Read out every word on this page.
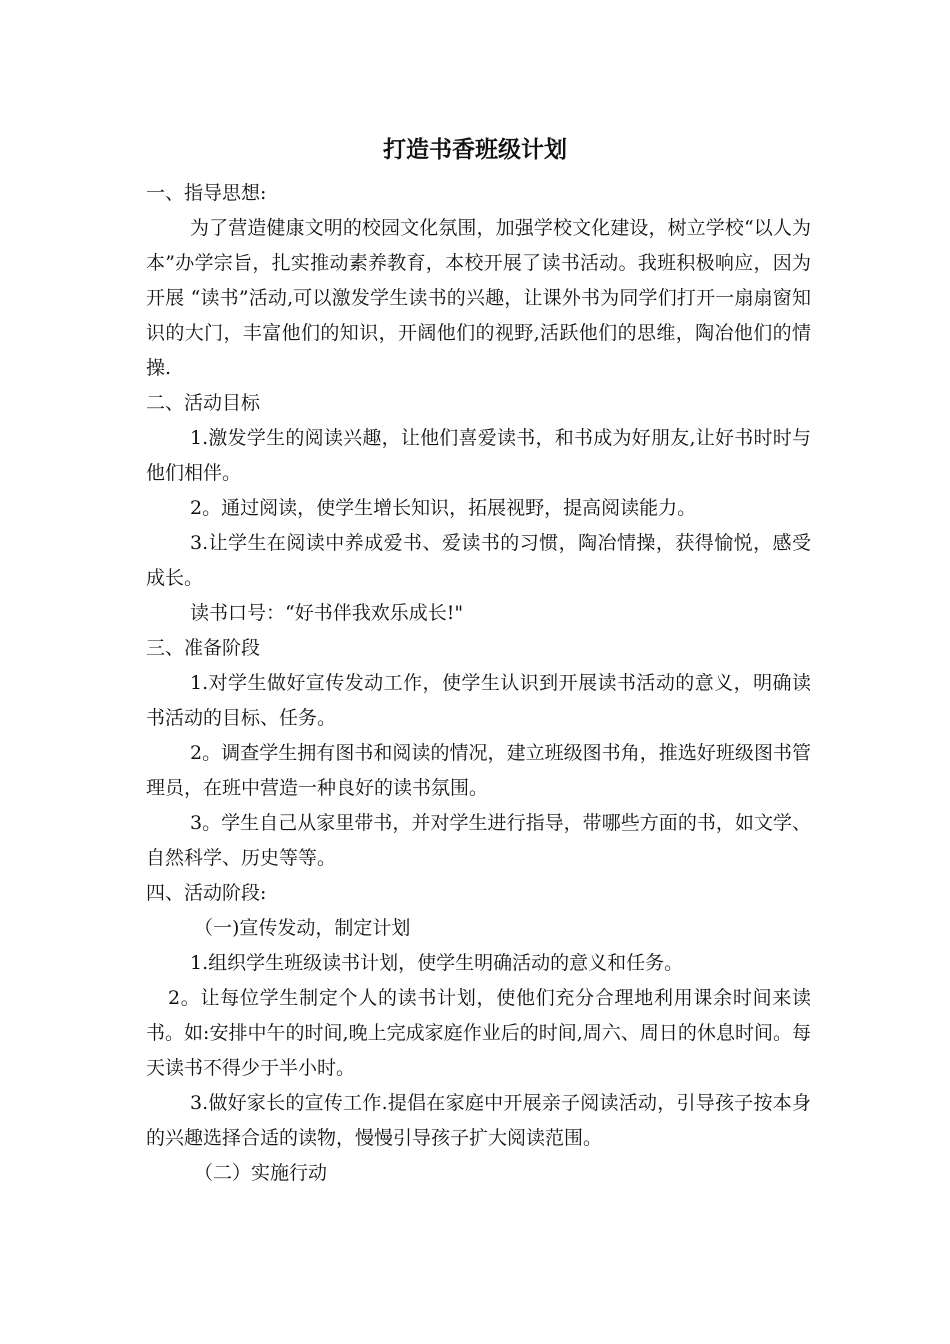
打造书香班级计划

一、指导思想:

为了营造健康文明的校园文化氛围，加强学校文化建设，树立学校“以人为本”办学宗旨，扎实推动素养教育，本校开展了读书活动。我班积极响应，因为开展 “读书”活动,可以激发学生读书的兴趣，让课外书为同学们打开一扇扇窗知识的大门，丰富他们的知识，开阔他们的视野,活跃他们的思维，陶冶他们的情操.

二、活动目标

1.激发学生的阅读兴趣，让他们喜爱读书，和书成为好朋友,让好书时时与他们相伴。

2。通过阅读，使学生增长知识，拓展视野，提高阅读能力。

3.让学生在阅读中养成爱书、爱读书的习惯，陶冶情操，获得愉悦，感受成长。

读书口号：“好书伴我欢乐成长!"

三、准备阶段

1.对学生做好宣传发动工作，使学生认识到开展读书活动的意义，明确读书活动的目标、任务。

2。调查学生拥有图书和阅读的情况，建立班级图书角，推选好班级图书管理员，在班中营造一种良好的读书氛围。

3。学生自己从家里带书，并对学生进行指导，带哪些方面的书，如文学、自然科学、历史等等。

四、活动阶段:

（一)宣传发动，制定计划

1.组织学生班级读书计划，使学生明确活动的意义和任务。

2。让每位学生制定个人的读书计划，使他们充分合理地利用课余时间来读书。如:安排中午的时间,晚上完成家庭作业后的时间,周六、周日的休息时间。每天读书不得少于半小时。

3.做好家长的宣传工作.提倡在家庭中开展亲子阅读活动，引导孩子按本身的兴趣选择合适的读物，慢慢引导孩子扩大阅读范围。

（二）实施行动
